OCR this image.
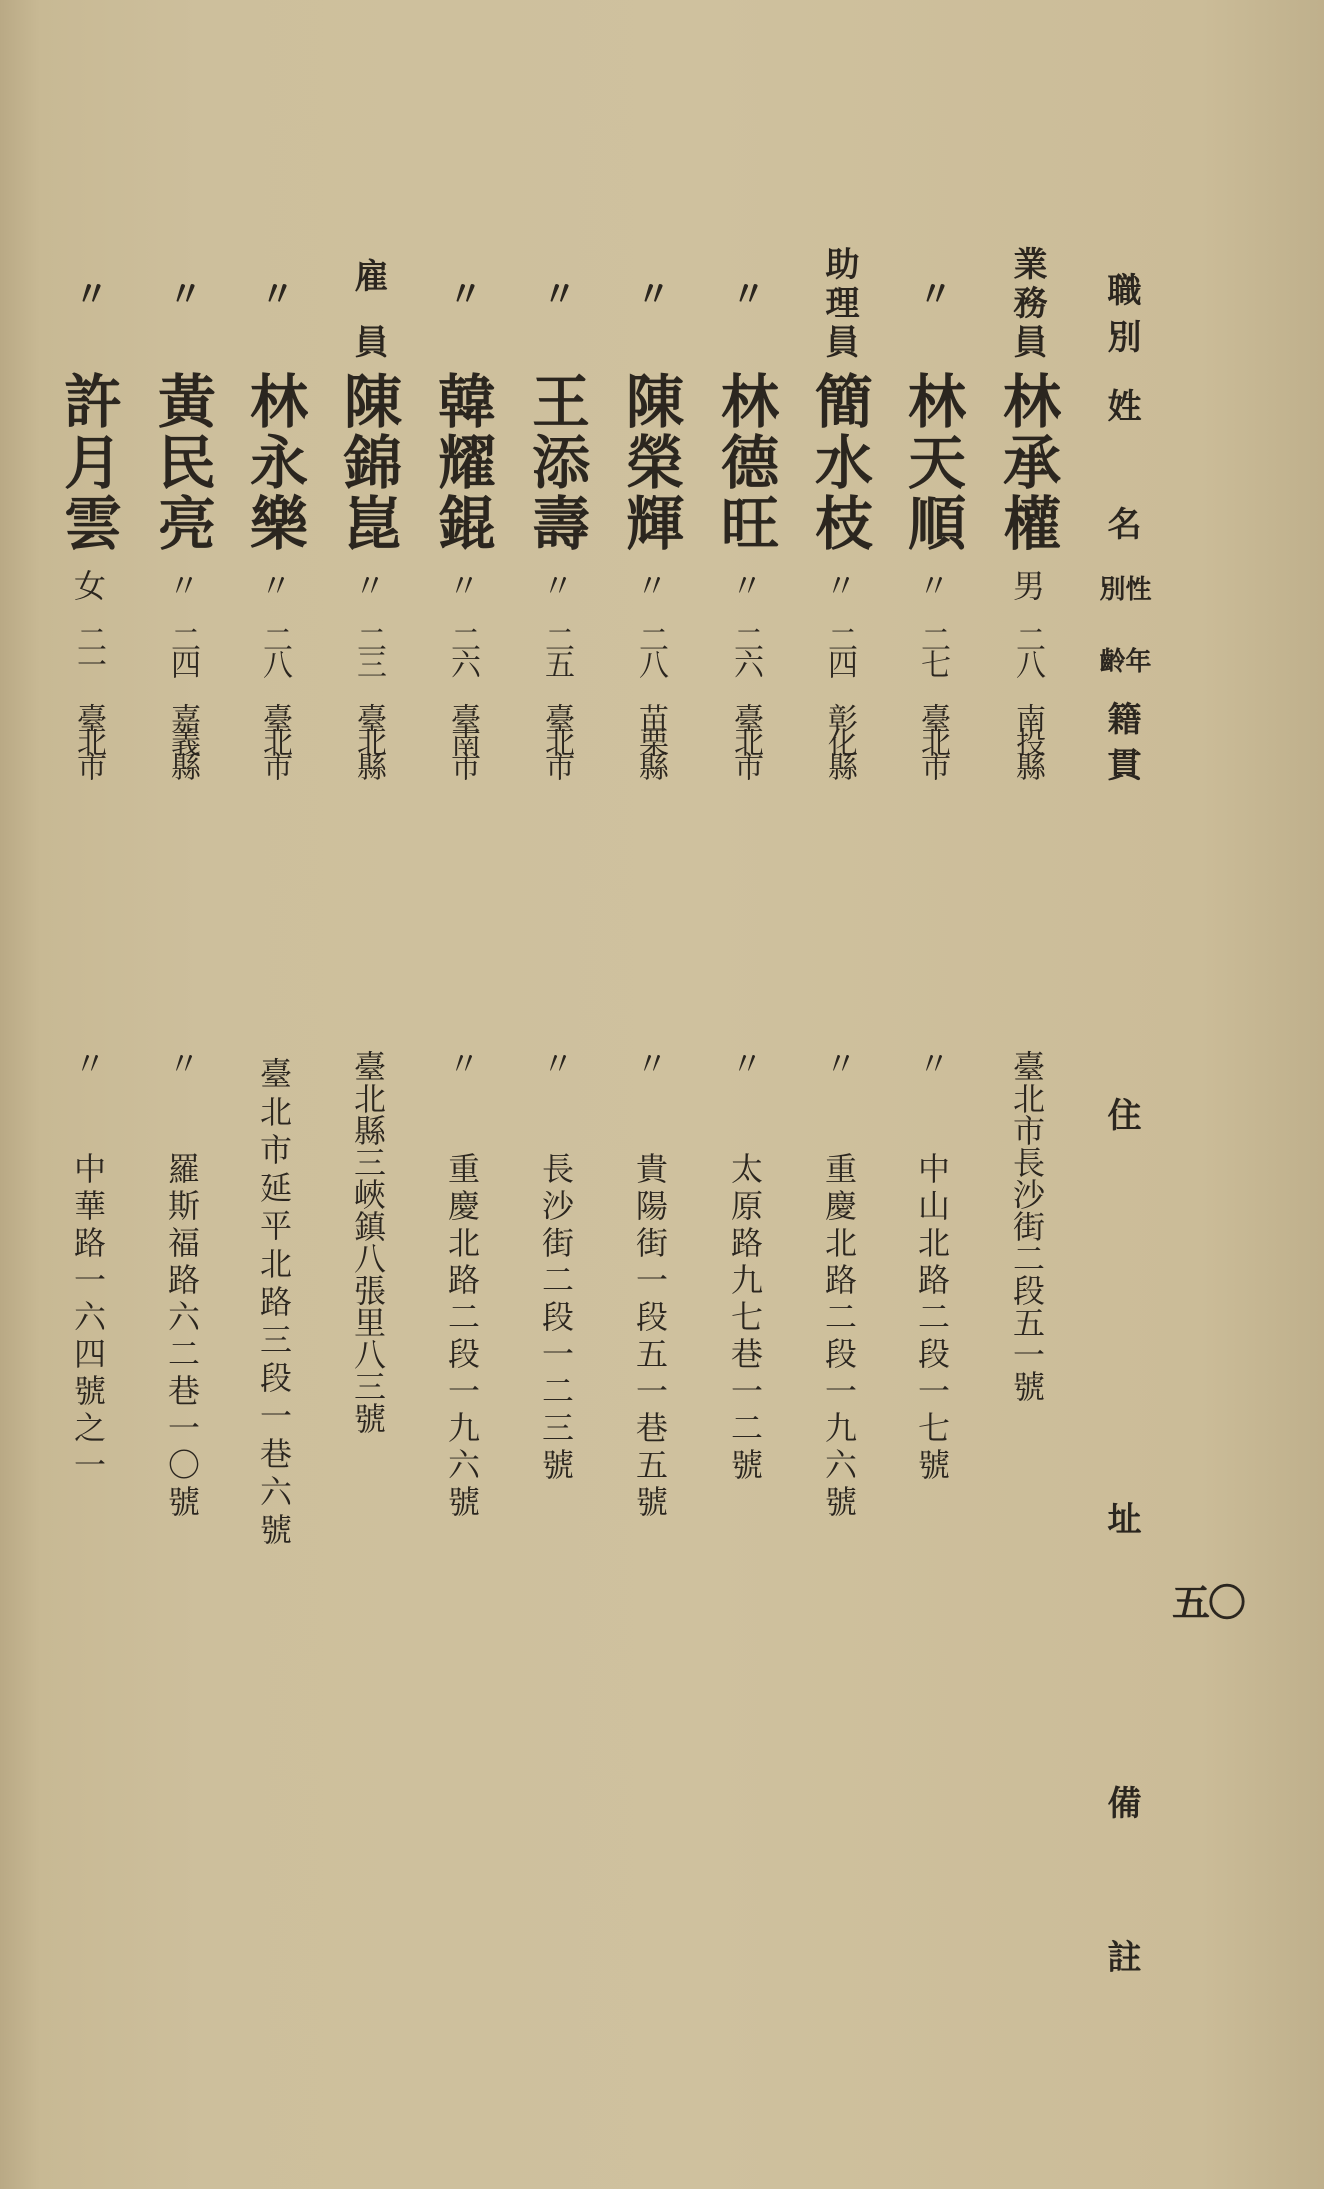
五〇
職別
姓名
性別
年齡
籍貫
住址
備註
業務員
林承權
男
二八
南投縣
臺北市長沙街二段五一號
〃
林天順
〃
二七
臺北市
〃
中山北路二段一七號
助理員
簡水枝
〃
二四
彰化縣
〃
重慶北路二段一九六號
〃
林德旺
〃
二六
臺北市
〃
太原路九七巷一二號
〃
陳榮輝
〃
二八
苗栗縣
〃
貴陽街一段五一巷五號
〃
王添壽
〃
二五
臺北市
〃
長沙街二段一二三號
〃
韓耀錕
〃
二六
臺南市
〃
重慶北路二段一九六號
雇員
陳錦崑
〃
二三
臺北縣
臺北縣三峽鎮八張里八三號
〃
林永樂
〃
二八
臺北市
臺北市延平北路三段一巷六號
〃
黃民亮
〃
二四
嘉義縣
〃
羅斯福路六二巷一〇號
〃
許月雲
女
二一
臺北市
〃
中華路一六四號之一
